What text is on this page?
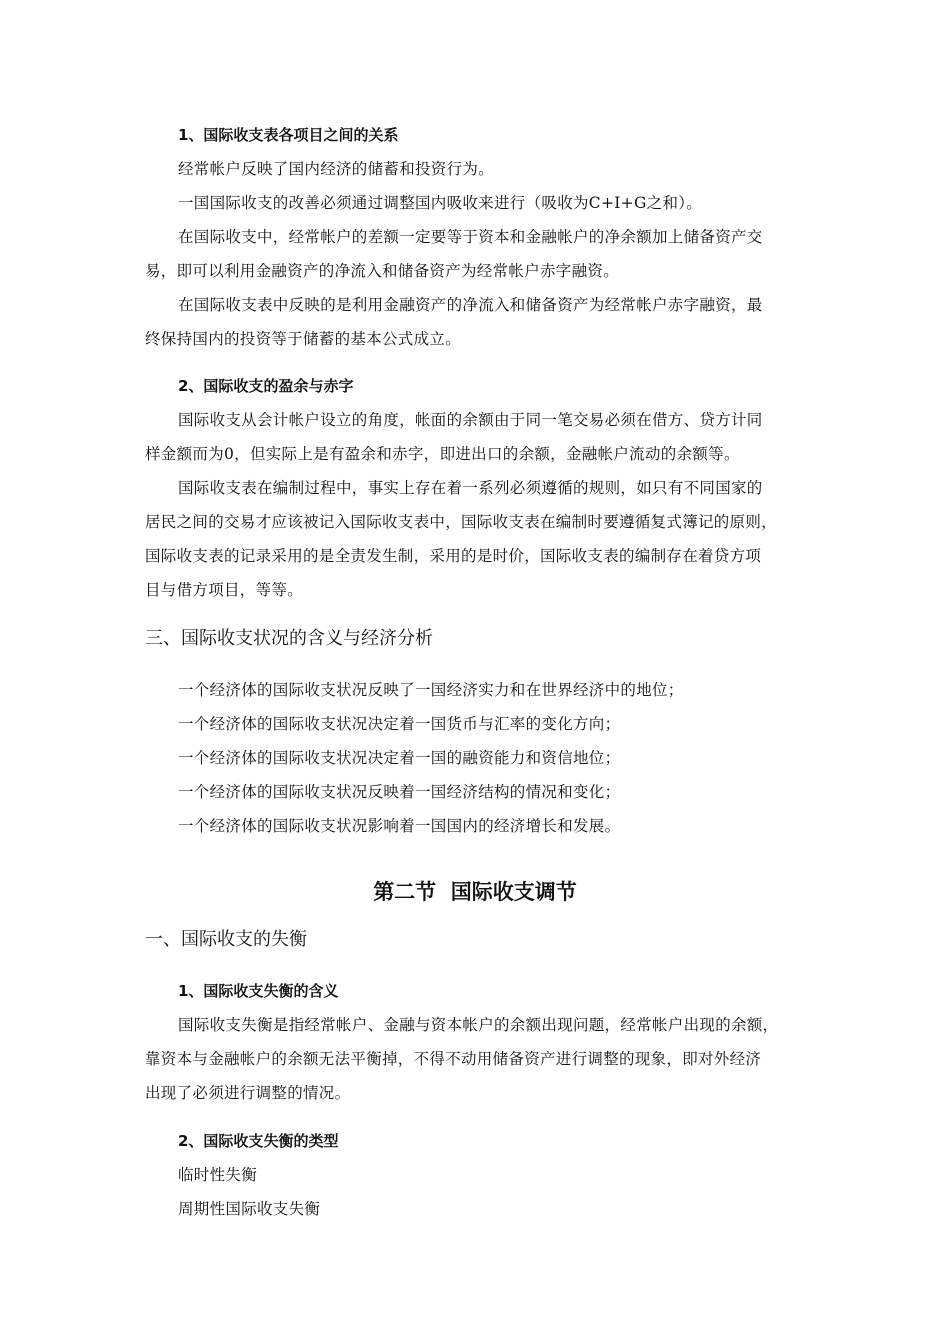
1、国际收支表各项目之间的关系
经常帐户反映了国内经济的储蓄和投资行为。
一国国际收支的改善必须通过调整国内吸收来进行（吸收为C+I+G之和）。
在国际收支中，经常帐户的差额一定要等于资本和金融帐户的净余额加上储备资产交
易，即可以利用金融资产的净流入和储备资产为经常帐户赤字融资。
在国际收支表中反映的是利用金融资产的净流入和储备资产为经常帐户赤字融资，最
终保持国内的投资等于储蓄的基本公式成立。
2、国际收支的盈余与赤字
国际收支从会计帐户设立的角度，帐面的余额由于同一笔交易必须在借方、贷方计同
样金额而为0，但实际上是有盈余和赤字，即进出口的余额，金融帐户流动的余额等。
国际收支表在编制过程中，事实上存在着一系列必须遵循的规则，如只有不同国家的
居民之间的交易才应该被记入国际收支表中，国际收支表在编制时要遵循复式簿记的原则，
国际收支表的记录采用的是全责发生制，采用的是时价，国际收支表的编制存在着贷方项
目与借方项目，等等。
三、国际收支状况的含义与经济分析
一个经济体的国际收支状况反映了一国经济实力和在世界经济中的地位；
一个经济体的国际收支状况决定着一国货币与汇率的变化方向；
一个经济体的国际收支状况决定着一国的融资能力和资信地位；
一个经济体的国际收支状况反映着一国经济结构的情况和变化；
一个经济体的国际收支状况影响着一国国内的经济增长和发展。
第二节  国际收支调节
一、国际收支的失衡
1、国际收支失衡的含义
国际收支失衡是指经常帐户、金融与资本帐户的余额出现问题，经常帐户出现的余额，
靠资本与金融帐户的余额无法平衡掉，不得不动用储备资产进行调整的现象，即对外经济
出现了必须进行调整的情况。
2、国际收支失衡的类型
临时性失衡
周期性国际收支失衡
